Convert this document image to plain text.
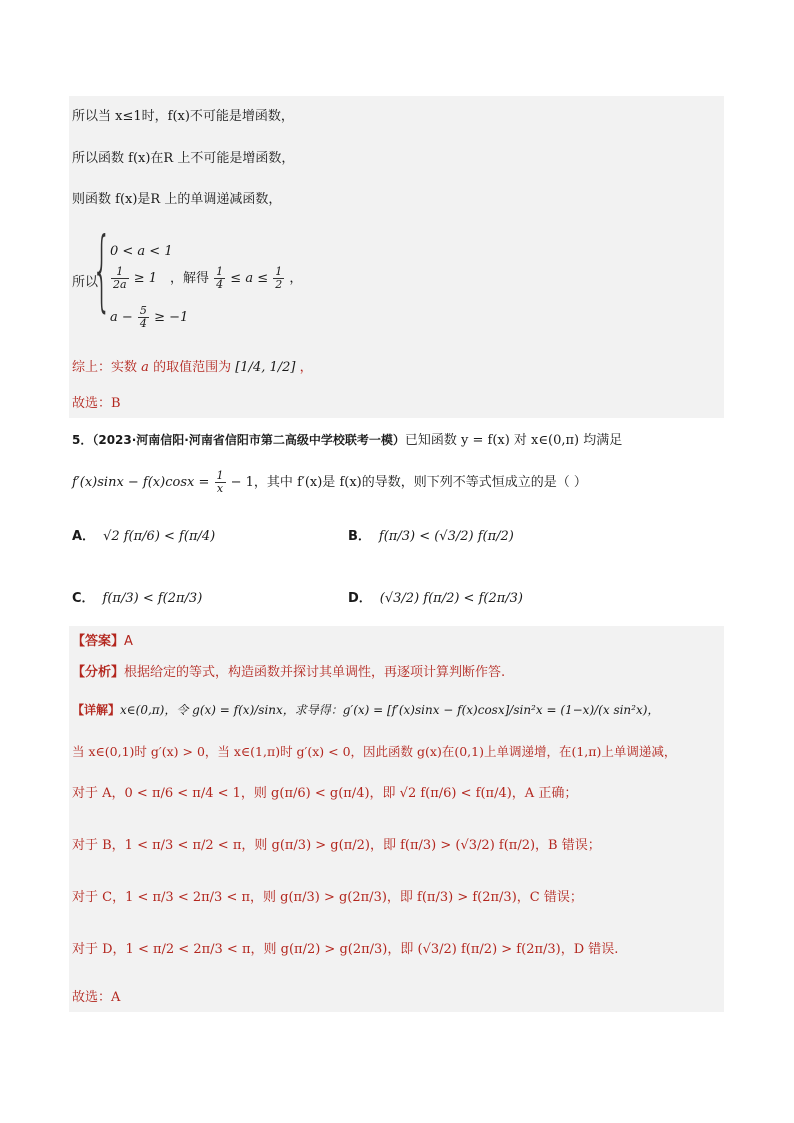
所以当 x≤1时，f(x)不可能是增函数，
所以函数 f(x)在R 上不可能是增函数，
则函数 f(x)是R 上的单调递减函数，
所以
{
0 < a < 1
$\frac{1}{2a} \ge 1$
$a - \frac{5}{4} \ge -1$
，解得 $\frac{1}{4} \le a \le \frac{1}{2}$ ，
综上：实数 a 的取值范围为 [1/4, 1/2] ，
故选：B
5．（2023·河南信阳·河南省信阳市第二高级中学校联考一模）已知函数 y = f(x) 对 x∈(0,π) 均满足
$f'(x)\sin x - f(x)\cos x = \frac{1}{x} - 1$，其中 f′(x)是 f(x)的导数，则下列不等式恒成立的是（ ）
A． √2 f(π/6) < f(π/4)	B． f(π/3) < (√3/2) f(π/2)
C． f(π/3) < f(2π/3)	D． (√3/2) f(π/2) < f(2π/3)
【答案】A
【分析】根据给定的等式，构造函数并探讨其单调性，再逐项计算判断作答.
【详解】x∈(0,π)，令 g(x) = f(x)/sinx，求导得：g′(x) = [f′(x)sinx − f(x)cosx]/sin²x = (1−x)/(x sin²x)，
当 x∈(0,1)时 g′(x) > 0，当 x∈(1,π)时 g′(x) < 0，因此函数 g(x)在(0,1)上单调递增，在(1,π)上单调递减，
对于 A，0 < π/6 < π/4 < 1，则 g(π/6) < g(π/4)，即 √2 f(π/6) < f(π/4)，A 正确；
对于 B，1 < π/3 < π/2 < π，则 g(π/3) > g(π/2)，即 f(π/3) > (√3/2) f(π/2)，B 错误；
对于 C，1 < π/3 < 2π/3 < π，则 g(π/3) > g(2π/3)，即 f(π/3) > f(2π/3)，C 错误；
对于 D，1 < π/2 < 2π/3 < π，则 g(π/2) > g(2π/3)，即 (√3/2) f(π/2) > f(2π/3)，D 错误.
故选：A
